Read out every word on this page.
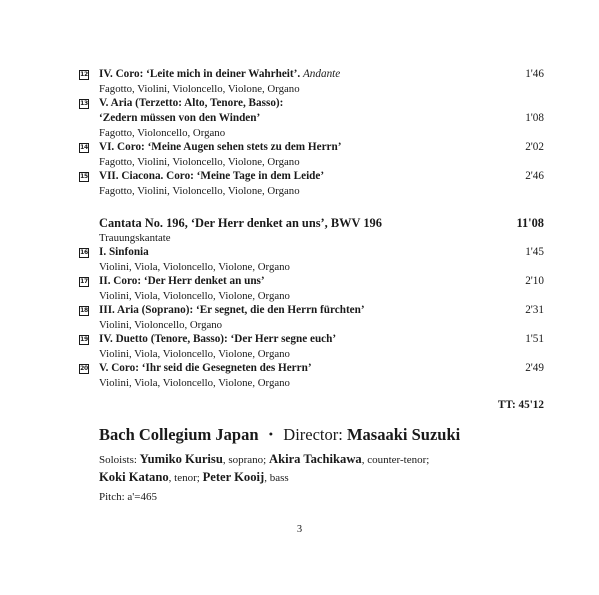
12 IV. Coro: ‘Leite mich in deiner Wahrheit’. Andante	1'46
Fagotto, Violini, Violoncello, Violone, Organo
13 V. Aria (Terzetto: Alto, Tenore, Basso):
‘Zedern müssen von den Winden’	1'08
Fagotto, Violoncello, Organo
14 VI. Coro: ‘Meine Augen sehen stets zu dem Herrn’	2'02
Fagotto, Violini, Violoncello, Violone, Organo
15 VII. Ciacona. Coro: ‘Meine Tage in dem Leide’	2'46
Fagotto, Violini, Violoncello, Violone, Organo
Cantata No. 196, ‘Der Herr denket an uns’, BWV 196	11'08
Trauungskantate
16 I. Sinfonia	1'45
Violini, Viola, Violoncello, Violone, Organo
17 II. Coro: ‘Der Herr denket an uns’	2'10
Violini, Viola, Violoncello, Violone, Organo
18 III. Aria (Soprano): ‘Er segnet, die den Herrn fürchten’	2'31
Violini, Violoncello, Organo
19 IV. Duetto (Tenore, Basso): ‘Der Herr segne euch’	1'51
Violini, Viola, Violoncello, Violone, Organo
20 V. Coro: ‘Ihr seid die Gesegneten des Herrn’	2'49
Violini, Viola, Violoncello, Violone, Organo
TT: 45'12
Bach Collegium Japan ・ Director: Masaaki Suzuki
Soloists: Yumiko Kurisu, soprano; Akira Tachikawa, counter-tenor;
Koki Katano, tenor; Peter Kooij, bass
Pitch: a'=465
3
